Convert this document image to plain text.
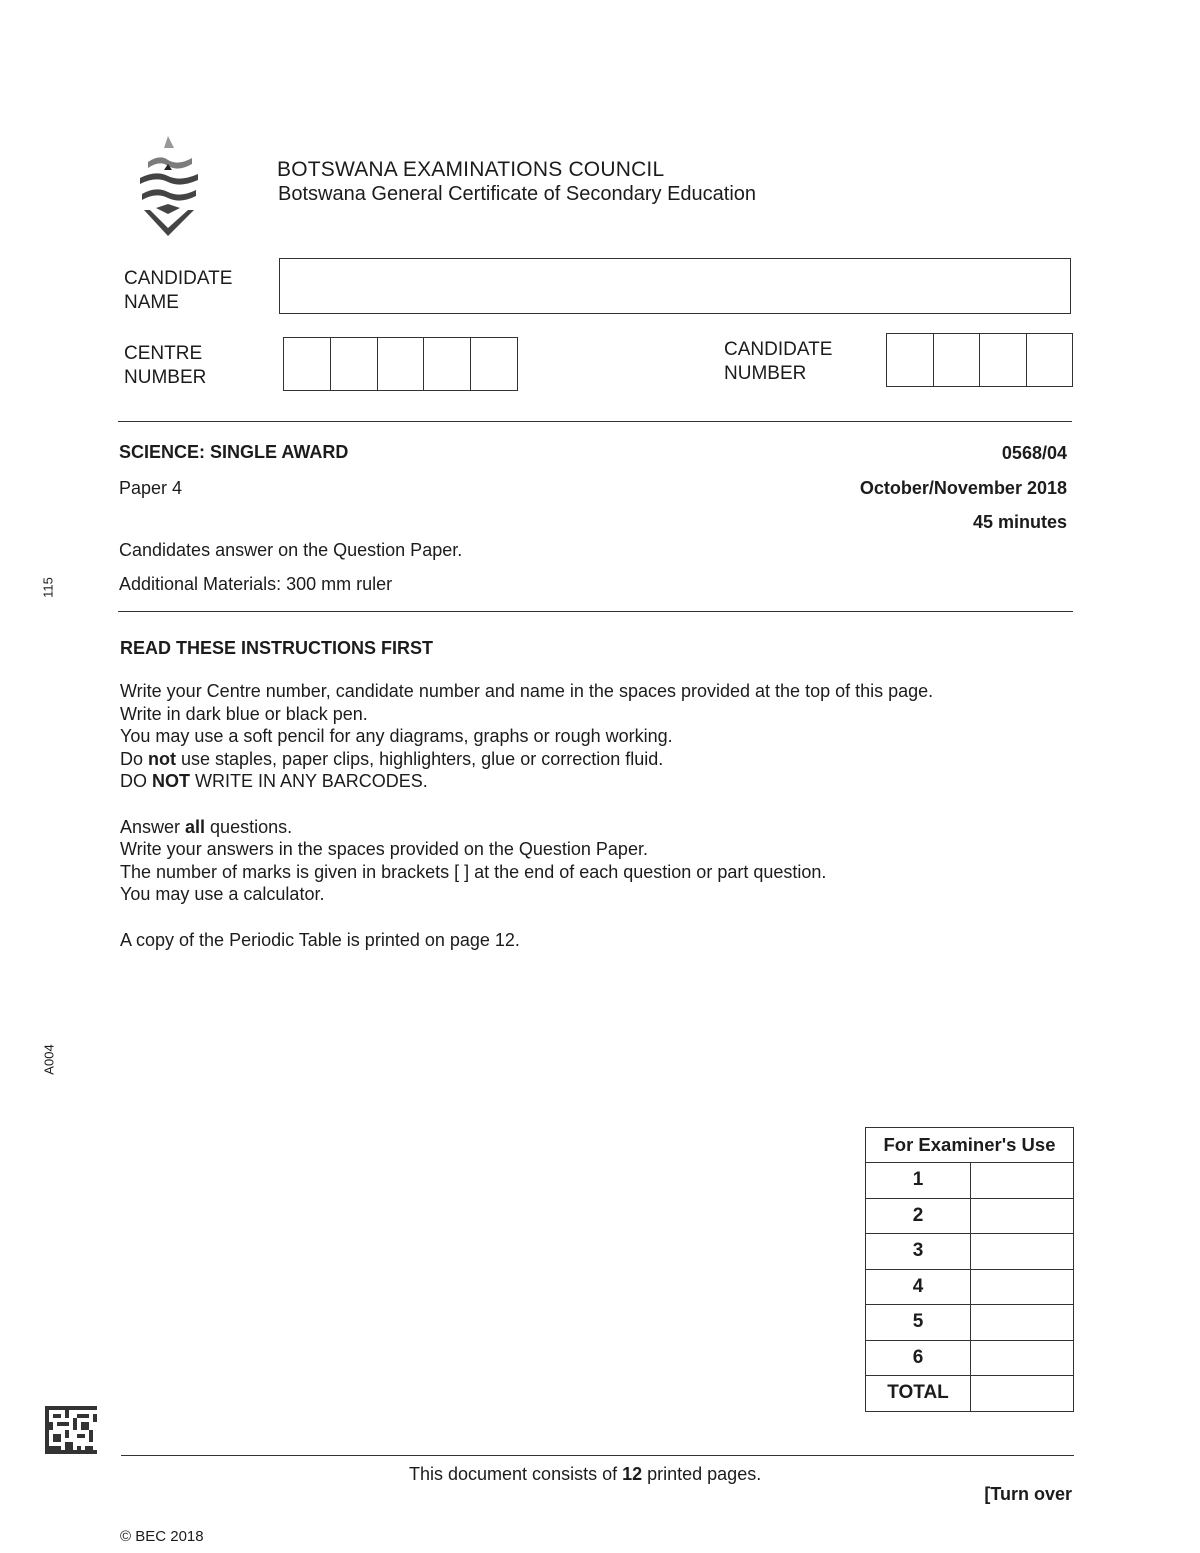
BOTSWANA EXAMINATIONS COUNCIL
Botswana General Certificate of Secondary Education
CANDIDATE
NAME
CENTRE
NUMBER
CANDIDATE
NUMBER
SCIENCE: SINGLE AWARD	0568/04
Paper 4	October/November 2018
45 minutes
Candidates answer on the Question Paper.
Additional Materials: 300 mm ruler
READ THESE INSTRUCTIONS FIRST
Write your Centre number, candidate number and name in the spaces provided at the top of this page.
Write in dark blue or black pen.
You may use a soft pencil for any diagrams, graphs or rough working.
Do not use staples, paper clips, highlighters, glue or correction fluid.
DO NOT WRITE IN ANY BARCODES.
Answer all questions.
Write your answers in the spaces provided on the Question Paper.
The number of marks is given in brackets [ ] at the end of each question or part question.
You may use a calculator.
A copy of the Periodic Table is printed on page 12.
For Examiner's Use	
1	
2	
3	
4	
5	
6	
TOTAL	
This document consists of 12 printed pages.
[Turn over
© BEC 2018
115
A004
